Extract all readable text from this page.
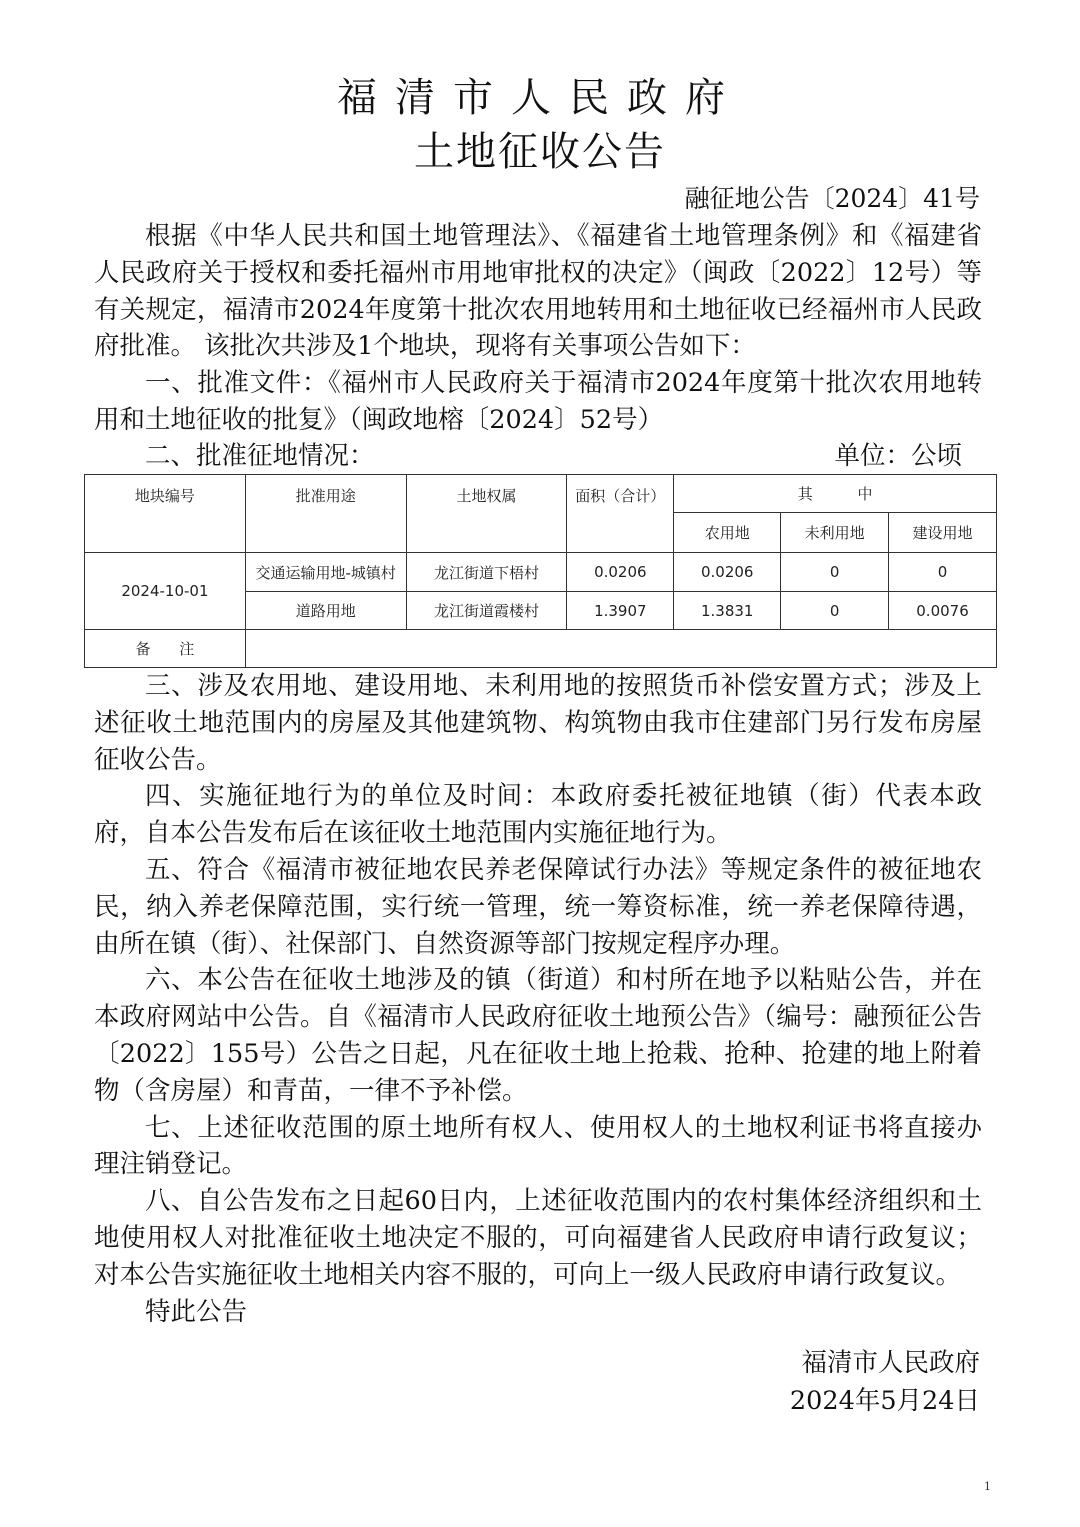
福清市人民政府
土地征收公告
融征地公告〔2024〕41号

根据《中华人民共和国土地管理法》、《福建省土地管理条例》和《福建省人民政府关于授权和委托福州市用地审批权的决定》（闽政〔2022〕12号）等有关规定，福清市2024年度第十批次农用地转用和土地征收已经福州市人民政府批准。 该批次共涉及1个地块，现将有关事项公告如下：

一、批准文件：《福州市人民政府关于福清市2024年度第十批次农用地转用和土地征收的批复》（闽政地榕〔2024〕52号）

二、批准征地情况：	单位：公顷
地块编号	批准用途	土地权属	面积（合计）	其 中		
				农用地	未利用地	建设用地
2024-10-01	交通运输用地-城镇村	龙江街道下梧村	0.0206	0.0206	0	0
	道路用地	龙江街道霞楼村	1.3907	1.3831	0	0.0076
备 注						

三、涉及农用地、建设用地、未利用地的按照货币补偿安置方式；涉及上述征收土地范围内的房屋及其他建筑物、构筑物由我市住建部门另行发布房屋征收公告。

四、实施征地行为的单位及时间：本政府委托被征地镇（街）代表本政府，自本公告发布后在该征收土地范围内实施征地行为。

五、符合《福清市被征地农民养老保障试行办法》等规定条件的被征地农民，纳入养老保障范围，实行统一管理，统一筹资标准，统一养老保障待遇，由所在镇（街）、社保部门、自然资源等部门按规定程序办理。

六、本公告在征收土地涉及的镇（街道）和村所在地予以粘贴公告，并在本政府网站中公告。自《福清市人民政府征收土地预公告》（编号：融预征公告〔2022〕155号）公告之日起，凡在征收土地上抢栽、抢种、抢建的地上附着物（含房屋）和青苗，一律不予补偿。

七、上述征收范围的原土地所有权人、使用权人的土地权利证书将直接办理注销登记。

八、自公告发布之日起60日内，上述征收范围内的农村集体经济组织和土地使用权人对批准征收土地决定不服的，可向福建省人民政府申请行政复议；对本公告实施征收土地相关内容不服的，可向上一级人民政府申请行政复议。

特此公告

福清市人民政府
2024年5月24日
1
